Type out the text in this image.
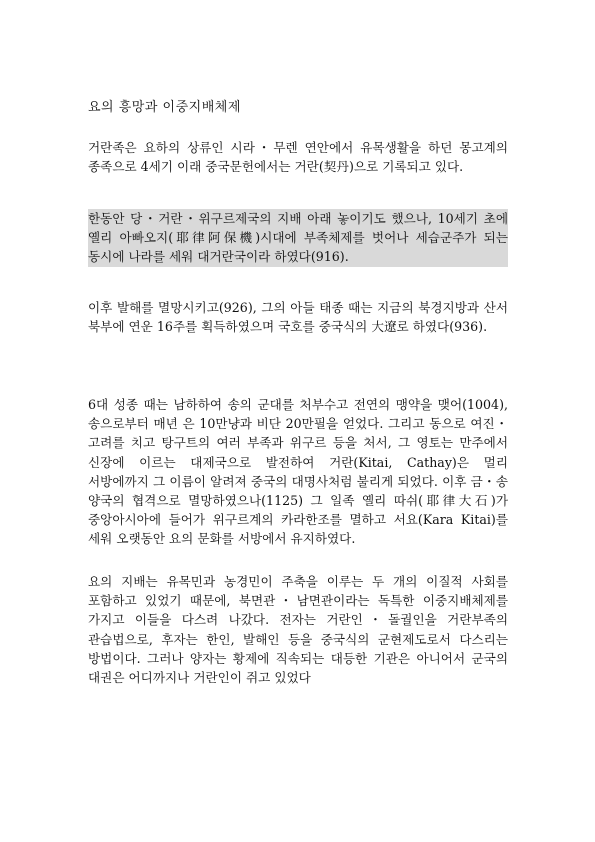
요의 흥망과 이중지배체제

거란족은 요하의 상류인 시라・무렌 연안에서 유목생활을 하던 몽고계의 종족으로 4세기 이래 중국문헌에서는 거란(契丹)으로 기록되고 있다.

한동안 당・거란・위구르제국의 지배 아래 놓이기도 했으나, 10세기 초에 옐리 아빠오지(耶律阿保機)시대에 부족체제를 벗어나 세습군주가 되는 동시에 나라를 세워 대거란국이라 하였다(916).

이후 발해를 멸망시키고(926), 그의 아들 태종 때는 지금의 북경지방과 산서 북부에 연운 16주를 획득하였으며 국호를 중국식의 大遼로 하였다(936).

6대 성종 때는 남하하여 송의 군대를 처부수고 전연의 맹약을 맺어(1004), 송으로부터 매년 은 10만냥과 비단 20만필을 얻었다. 그리고 동으로 여진・고려를 치고 탕구트의 여러 부족과 위구르 등을 처서, 그 영토는 만주에서 신장에 이르는 대제국으로 발전하여 거란(Kitai, Cathay)은 멀리 서방에까지 그 이름이 알려져 중국의 대명사처럼 불리게 되었다. 이후 금・송 양국의 협격으로 멸망하였으나(1125) 그 일족 옐리 따쉬(耶律大石)가 중앙아시아에 들어가 위구르계의 카라한조를 멸하고 서요(Kara Kitai)를 세워 오랫동안 요의 문화를 서방에서 유지하였다.

요의 지배는 유목민과 농경민이 주축을 이루는 두 개의 이질적 사회를 포함하고 있었기 때문에, 북면관・남면관이라는 독특한 이중지배체제를 가지고 이들을 다스려 나갔다. 전자는 거란인・돌궐인을 거란부족의 관습법으로, 후자는 한인, 발해인 등을 중국식의 군현제도로서 다스리는 방법이다. 그러나 양자는 황제에 직속되는 대등한 기관은 아니어서 군국의 대권은 어디까지나 거란인이 쥐고 있었다
